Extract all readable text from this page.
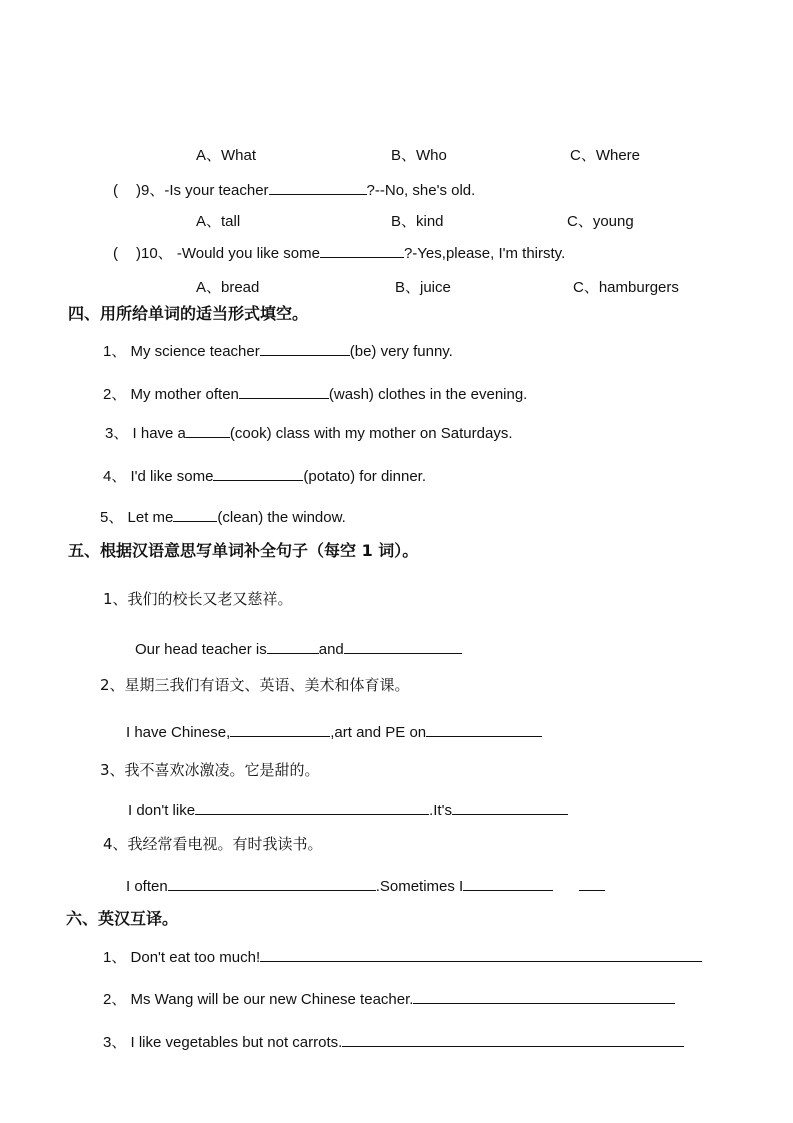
A、What	B、Who	C、Where
( )9、-Is your teacher	?--No, she's old.
A、tall	B、kind	C、young
( )10、 -Would you like some	?-Yes,please, I'm thirsty.
A、bread	B、juice	C、hamburgers
四、用所给单词的适当形式填空。
1、 My science teacher	(be) very funny.
2、 My mother often	(wash) clothes in the evening.
3、 I have a	(cook) class with my mother on Saturdays.
4、 I'd like some	(potato) for dinner.
5、 Let me	(clean) the window.
五、根据汉语意思写单词补全句子（每空 1 词）。
1、我们的校长又老又慈祥。
Our head teacher is	and
2、星期三我们有语文、英语、美术和体育课。
I have Chinese,	,art and PE on
3、我不喜欢冰激凌。它是甜的。
I don't like	.It's
4、我经常看电视。有时我读书。
I often	.Sometimes I
六、英汉互译。
1、 Don't eat too much!
2、 Ms Wang will be our new Chinese teacher.
3、 I like vegetables but not carrots.
